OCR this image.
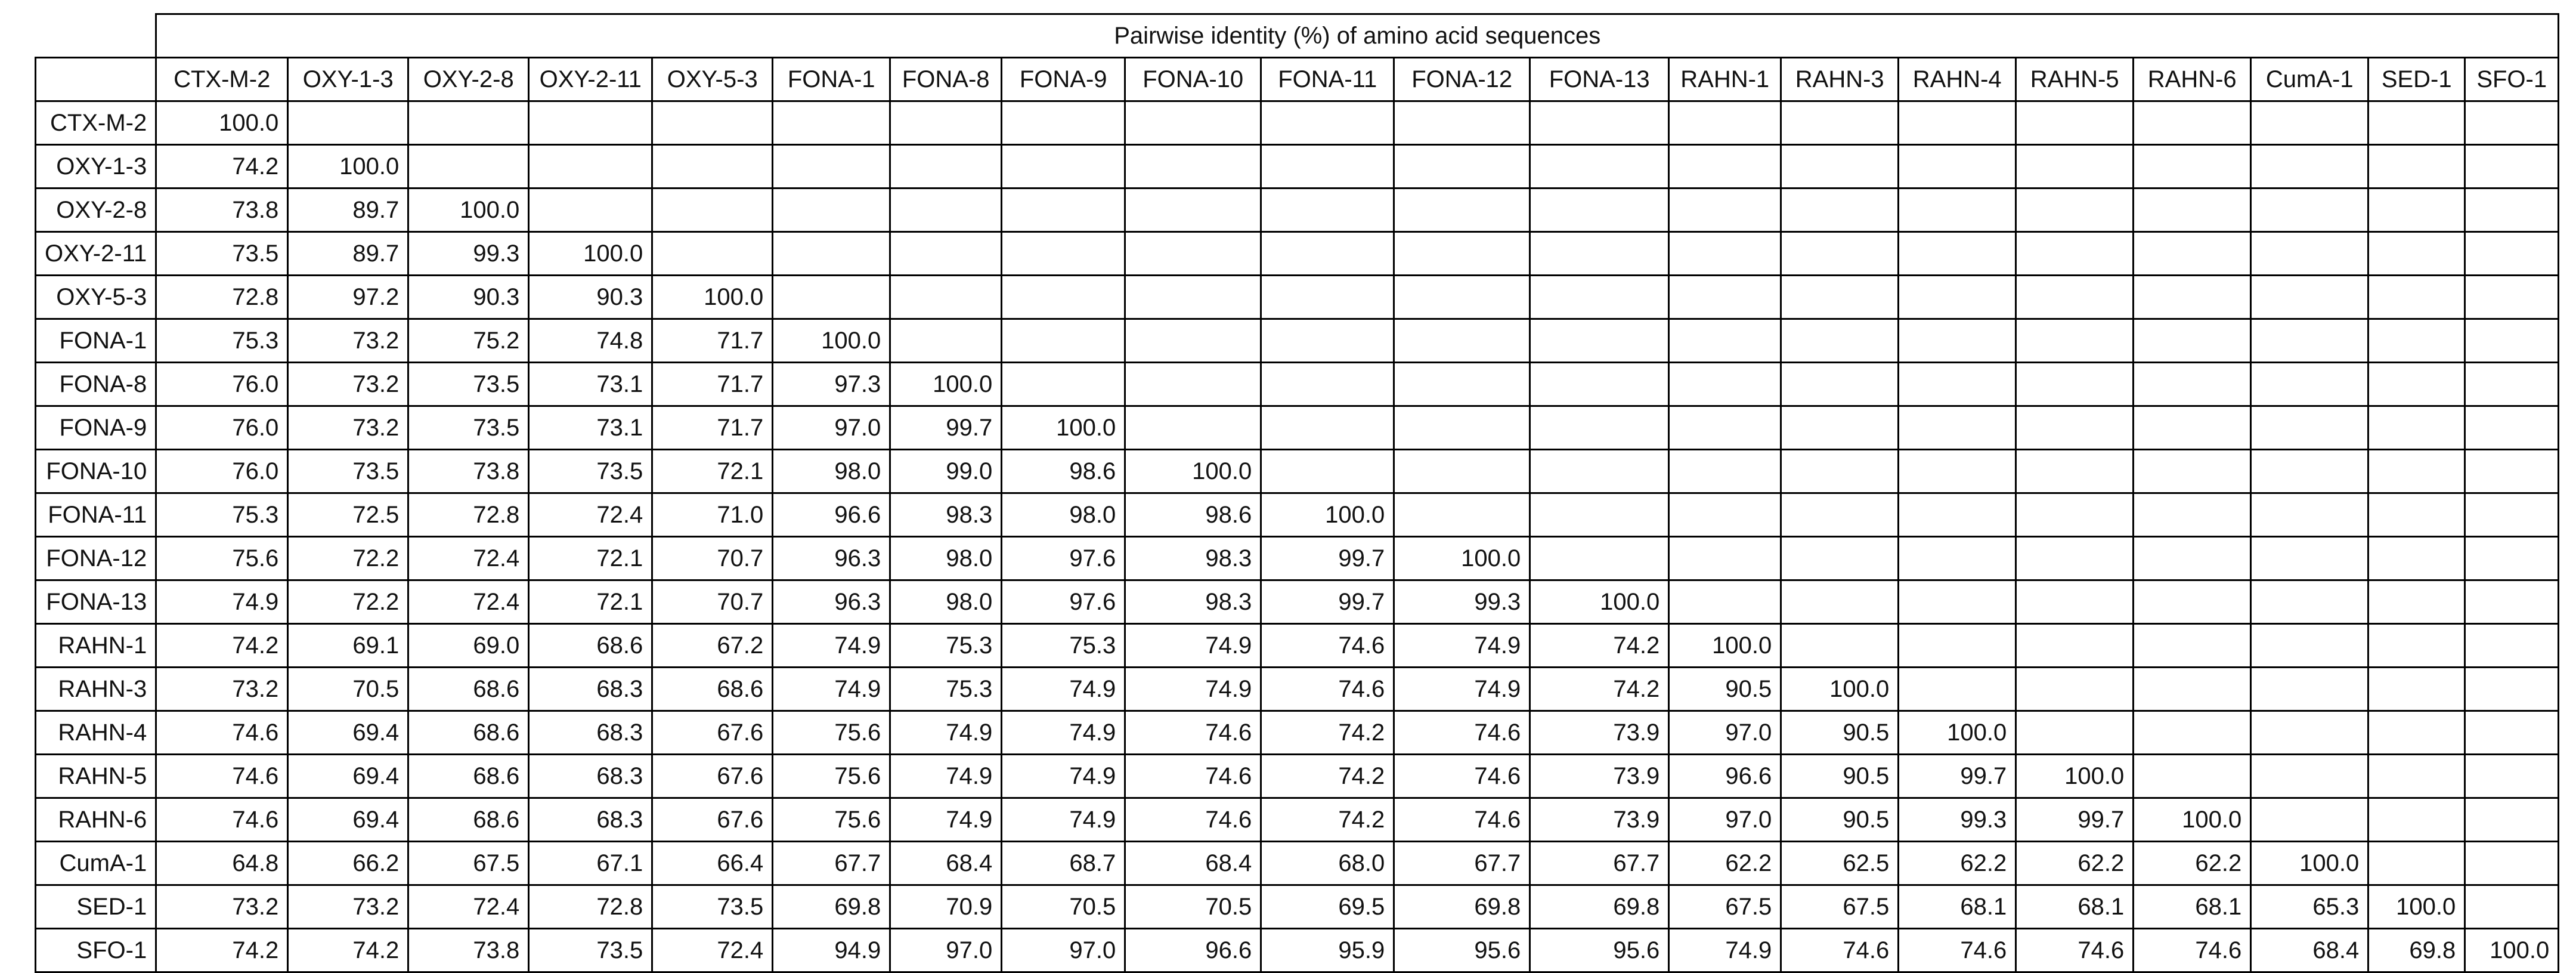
	Pairwise identity (%) of amino acid sequences																			
	CTX-M-2	OXY-1-3	OXY-2-8	OXY-2-11	OXY-5-3	FONA-1	FONA-8	FONA-9	FONA-10	FONA-11	FONA-12	FONA-13	RAHN-1	RAHN-3	RAHN-4	RAHN-5	RAHN-6	CumA-1	SED-1	SFO-1
CTX-M-2	100.0																			
OXY-1-3	74.2	100.0																		
OXY-2-8	73.8	89.7	100.0																	
OXY-2-11	73.5	89.7	99.3	100.0																
OXY-5-3	72.8	97.2	90.3	90.3	100.0															
FONA-1	75.3	73.2	75.2	74.8	71.7	100.0														
FONA-8	76.0	73.2	73.5	73.1	71.7	97.3	100.0													
FONA-9	76.0	73.2	73.5	73.1	71.7	97.0	99.7	100.0												
FONA-10	76.0	73.5	73.8	73.5	72.1	98.0	99.0	98.6	100.0											
FONA-11	75.3	72.5	72.8	72.4	71.0	96.6	98.3	98.0	98.6	100.0										
FONA-12	75.6	72.2	72.4	72.1	70.7	96.3	98.0	97.6	98.3	99.7	100.0									
FONA-13	74.9	72.2	72.4	72.1	70.7	96.3	98.0	97.6	98.3	99.7	99.3	100.0								
RAHN-1	74.2	69.1	69.0	68.6	67.2	74.9	75.3	75.3	74.9	74.6	74.9	74.2	100.0							
RAHN-3	73.2	70.5	68.6	68.3	68.6	74.9	75.3	74.9	74.9	74.6	74.9	74.2	90.5	100.0						
RAHN-4	74.6	69.4	68.6	68.3	67.6	75.6	74.9	74.9	74.6	74.2	74.6	73.9	97.0	90.5	100.0					
RAHN-5	74.6	69.4	68.6	68.3	67.6	75.6	74.9	74.9	74.6	74.2	74.6	73.9	96.6	90.5	99.7	100.0				
RAHN-6	74.6	69.4	68.6	68.3	67.6	75.6	74.9	74.9	74.6	74.2	74.6	73.9	97.0	90.5	99.3	99.7	100.0			
CumA-1	64.8	66.2	67.5	67.1	66.4	67.7	68.4	68.7	68.4	68.0	67.7	67.7	62.2	62.5	62.2	62.2	62.2	100.0		
SED-1	73.2	73.2	72.4	72.8	73.5	69.8	70.9	70.5	70.5	69.5	69.8	69.8	67.5	67.5	68.1	68.1	68.1	65.3	100.0	
SFO-1	74.2	74.2	73.8	73.5	72.4	94.9	97.0	97.0	96.6	95.9	95.6	95.6	74.9	74.6	74.6	74.6	74.6	68.4	69.8	100.0
